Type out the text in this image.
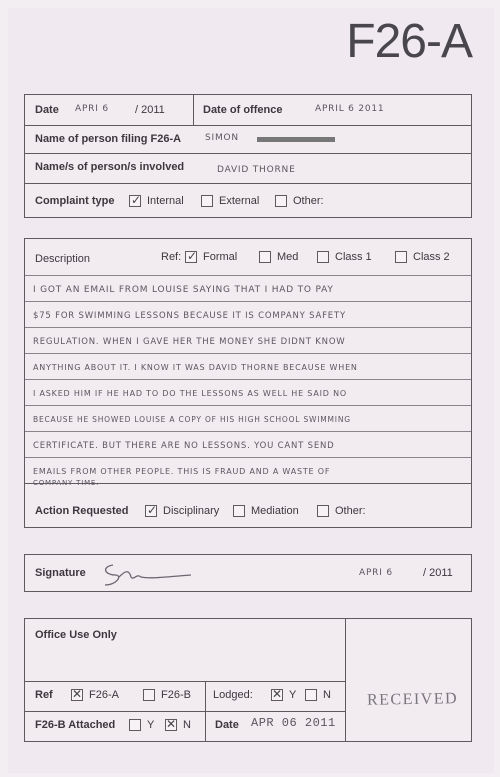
F26-A
Date APRI 6 / 2011	Date of offence	APRIL 6 2011
Name of person filing F26-A	SIMON
Name/s of person/s involved	DAVID THORNE
Complaint type ✓ Internal	External	Other:
Description	Ref: ✓ Formal	Med	Class 1	Class 2
I GOT AN EMAIL FROM LOUISE SAYING THAT I HAD TO PAY
$75 FOR SWIMMING LESSONS BECAUSE IT IS COMPANY SAFETY
REGULATION. WHEN I GAVE HER THE MONEY SHE DIDNT KNOW
ANYTHING ABOUT IT. I KNOW IT WAS DAVID THORNE BECAUSE WHEN
I ASKED HIM IF HE HAD TO DO THE LESSONS AS WELL HE SAID NO
BECAUSE HE SHOWED LOUISE A COPY OF HIS HIGH SCHOOL SWIMMING
CERTIFICATE. BUT THERE ARE NO LESSONS. YOU CANT SEND
EMAILS FROM OTHER PEOPLE. THIS IS FRAUD AND A WASTE OF
COMPANY TIME.
Action Requested ✓ Disciplinary	Mediation	Other:
Signature	APRI 6	/ 2011
Office Use Only
Ref ✕ F26-A	F26-B Lodged: ✕ Y N
F26-B Attached	Y ✕ N Date APR 06 2011
RECEIVED
